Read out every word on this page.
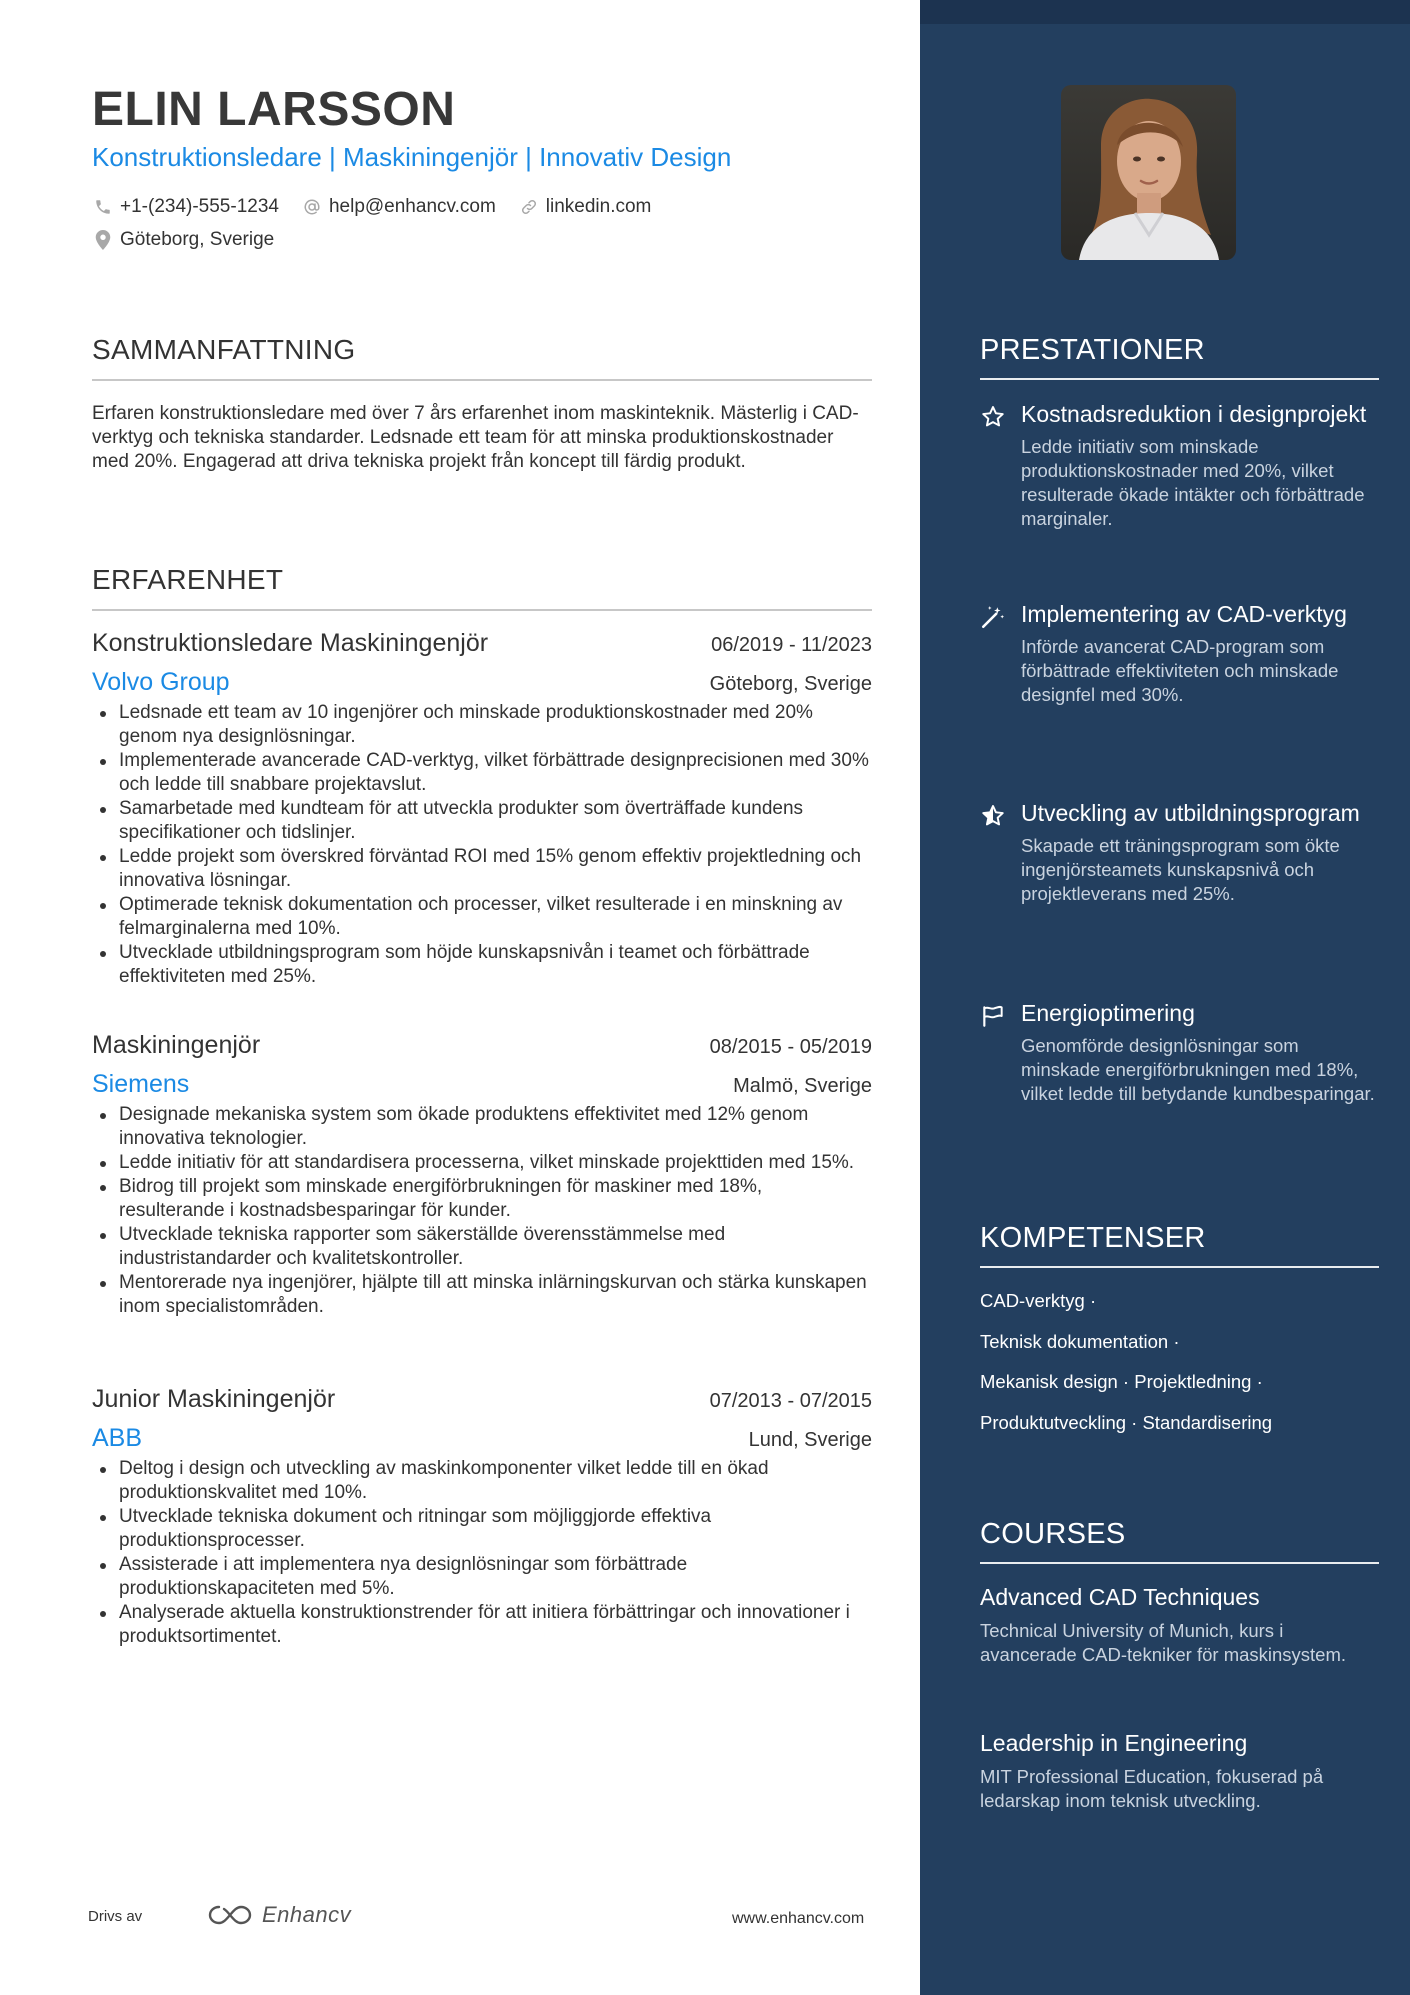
ELIN LARSSON
Konstruktionsledare | Maskiningenjör | Innovativ Design
+1-(234)-555-1234	help@enhancv.com	linkedin.com
Göteborg, Sverige
SAMMANFATTNING
Erfaren konstruktionsledare med över 7 års erfarenhet inom maskinteknik. Mästerlig i CAD-verktyg och tekniska standarder. Ledsnade ett team för att minska produktionskostnader med 20%. Engagerad att driva tekniska projekt från koncept till färdig produkt.
ERFARENHET
Konstruktionsledare Maskiningenjör	06/2019 - 11/2023
Volvo Group	Göteborg, Sverige
Ledsnade ett team av 10 ingenjörer och minskade produktionskostnader med 20% genom nya designlösningar.
Implementerade avancerade CAD-verktyg, vilket förbättrade designprecisionen med 30% och ledde till snabbare projektavslut.
Samarbetade med kundteam för att utveckla produkter som överträffade kundens specifikationer och tidslinjer.
Ledde projekt som överskred förväntad ROI med 15% genom effektiv projektledning och innovativa lösningar.
Optimerade teknisk dokumentation och processer, vilket resulterade i en minskning av felmarginalerna med 10%.
Utvecklade utbildningsprogram som höjde kunskapsnivån i teamet och förbättrade effektiviteten med 25%.
Maskiningenjör	08/2015 - 05/2019
Siemens	Malmö, Sverige
Designade mekaniska system som ökade produktens effektivitet med 12% genom innovativa teknologier.
Ledde initiativ för att standardisera processerna, vilket minskade projekttiden med 15%.
Bidrog till projekt som minskade energiförbrukningen för maskiner med 18%, resulterande i kostnadsbesparingar för kunder.
Utvecklade tekniska rapporter som säkerställde överensstämmelse med industristandarder och kvalitetskontroller.
Mentorerade nya ingenjörer, hjälpte till att minska inlärningskurvan och stärka kunskapen inom specialistområden.
Junior Maskiningenjör	07/2013 - 07/2015
ABB	Lund, Sverige
Deltog i design och utveckling av maskinkomponenter vilket ledde till en ökad produktionskvalitet med 10%.
Utvecklade tekniska dokument och ritningar som möjliggjorde effektiva produktionsprocesser.
Assisterade i att implementera nya designlösningar som förbättrade produktionskapaciteten med 5%.
Analyserade aktuella konstruktionstrender för att initiera förbättringar och innovationer i produktsortimentet.
Drivs av	Enhancv	www.enhancv.com
PRESTATIONER
Kostnadsreduktion i designprojekt
Ledde initiativ som minskade produktionskostnader med 20%, vilket resulterade ökade intäkter och förbättrade marginaler.
Implementering av CAD-verktyg
Införde avancerat CAD-program som förbättrade effektiviteten och minskade designfel med 30%.
Utveckling av utbildningsprogram
Skapade ett träningsprogram som ökte ingenjörsteamets kunskapsnivå och projektleverans med 25%.
Energioptimering
Genomförde designlösningar som minskade energiförbrukningen med 18%, vilket ledde till betydande kundbesparingar.
KOMPETENSER
CAD-verktyg ·
Teknisk dokumentation ·
Mekanisk design · Projektledning ·
Produktutveckling · Standardisering
COURSES
Advanced CAD Techniques
Technical University of Munich, kurs i avancerade CAD-tekniker för maskinsystem.
Leadership in Engineering
MIT Professional Education, fokuserad på ledarskap inom teknisk utveckling.
